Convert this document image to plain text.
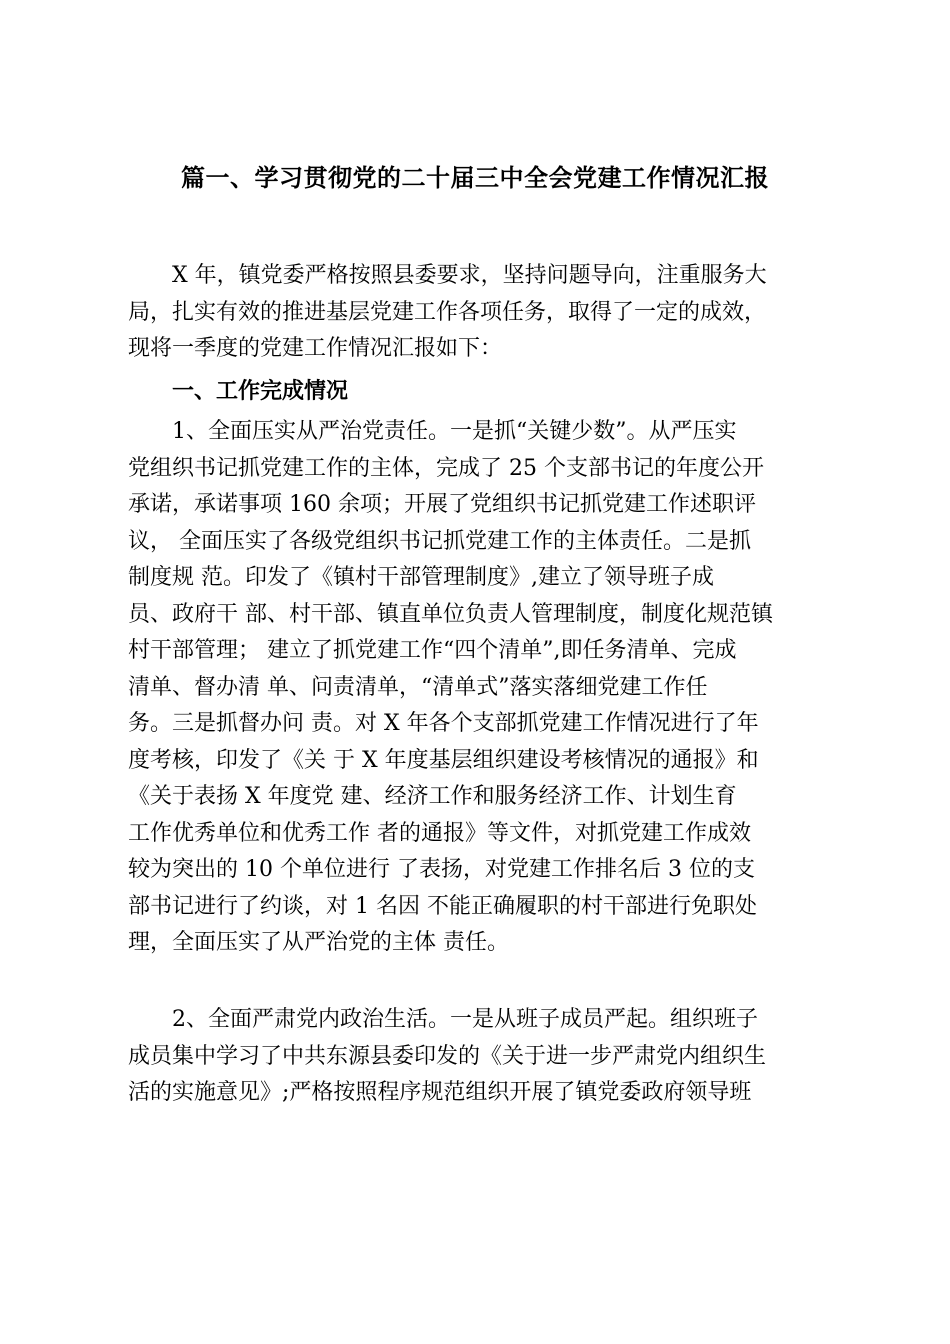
篇一、学习贯彻党的二十届三中全会党建工作情况汇报
X 年，镇党委严格按照县委要求，坚持问题导向，注重服务大
局，扎实有效的推进基层党建工作各项任务，取得了一定的成效，
现将一季度的党建工作情况汇报如下：
一、工作完成情况
1、全面压实从严治党责任。一是抓“关键少数”。从严压实
党组织书记抓党建工作的主体，完成了 25 个支部书记的年度公开
承诺，承诺事项 160 余项；开展了党组织书记抓党建工作述职评
议， 全面压实了各级党组织书记抓党建工作的主体责任。二是抓
制度规 范。印发了《镇村干部管理制度》,建立了领导班子成
员、政府干 部、村干部、镇直单位负责人管理制度，制度化规范镇
村干部管理； 建立了抓党建工作“四个清单”,即任务清单、完成
清单、督办清 单、问责清单，“清单式”落实落细党建工作任
务。三是抓督办问 责。对 X 年各个支部抓党建工作情况进行了年
度考核，印发了《关 于 X 年度基层组织建设考核情况的通报》和
《关于表扬 X 年度党 建、经济工作和服务经济工作、计划生育
工作优秀单位和优秀工作 者的通报》等文件，对抓党建工作成效
较为突出的 10 个单位进行 了表扬，对党建工作排名后 3 位的支
部书记进行了约谈，对 1 名因 不能正确履职的村干部进行免职处
理，全面压实了从严治党的主体 责任。
2、全面严肃党内政治生活。一是从班子成员严起。组织班子
成员集中学习了中共东源县委印发的《关于进一步严肃党内组织生
活的实施意见》;严格按照程序规范组织开展了镇党委政府领导班
